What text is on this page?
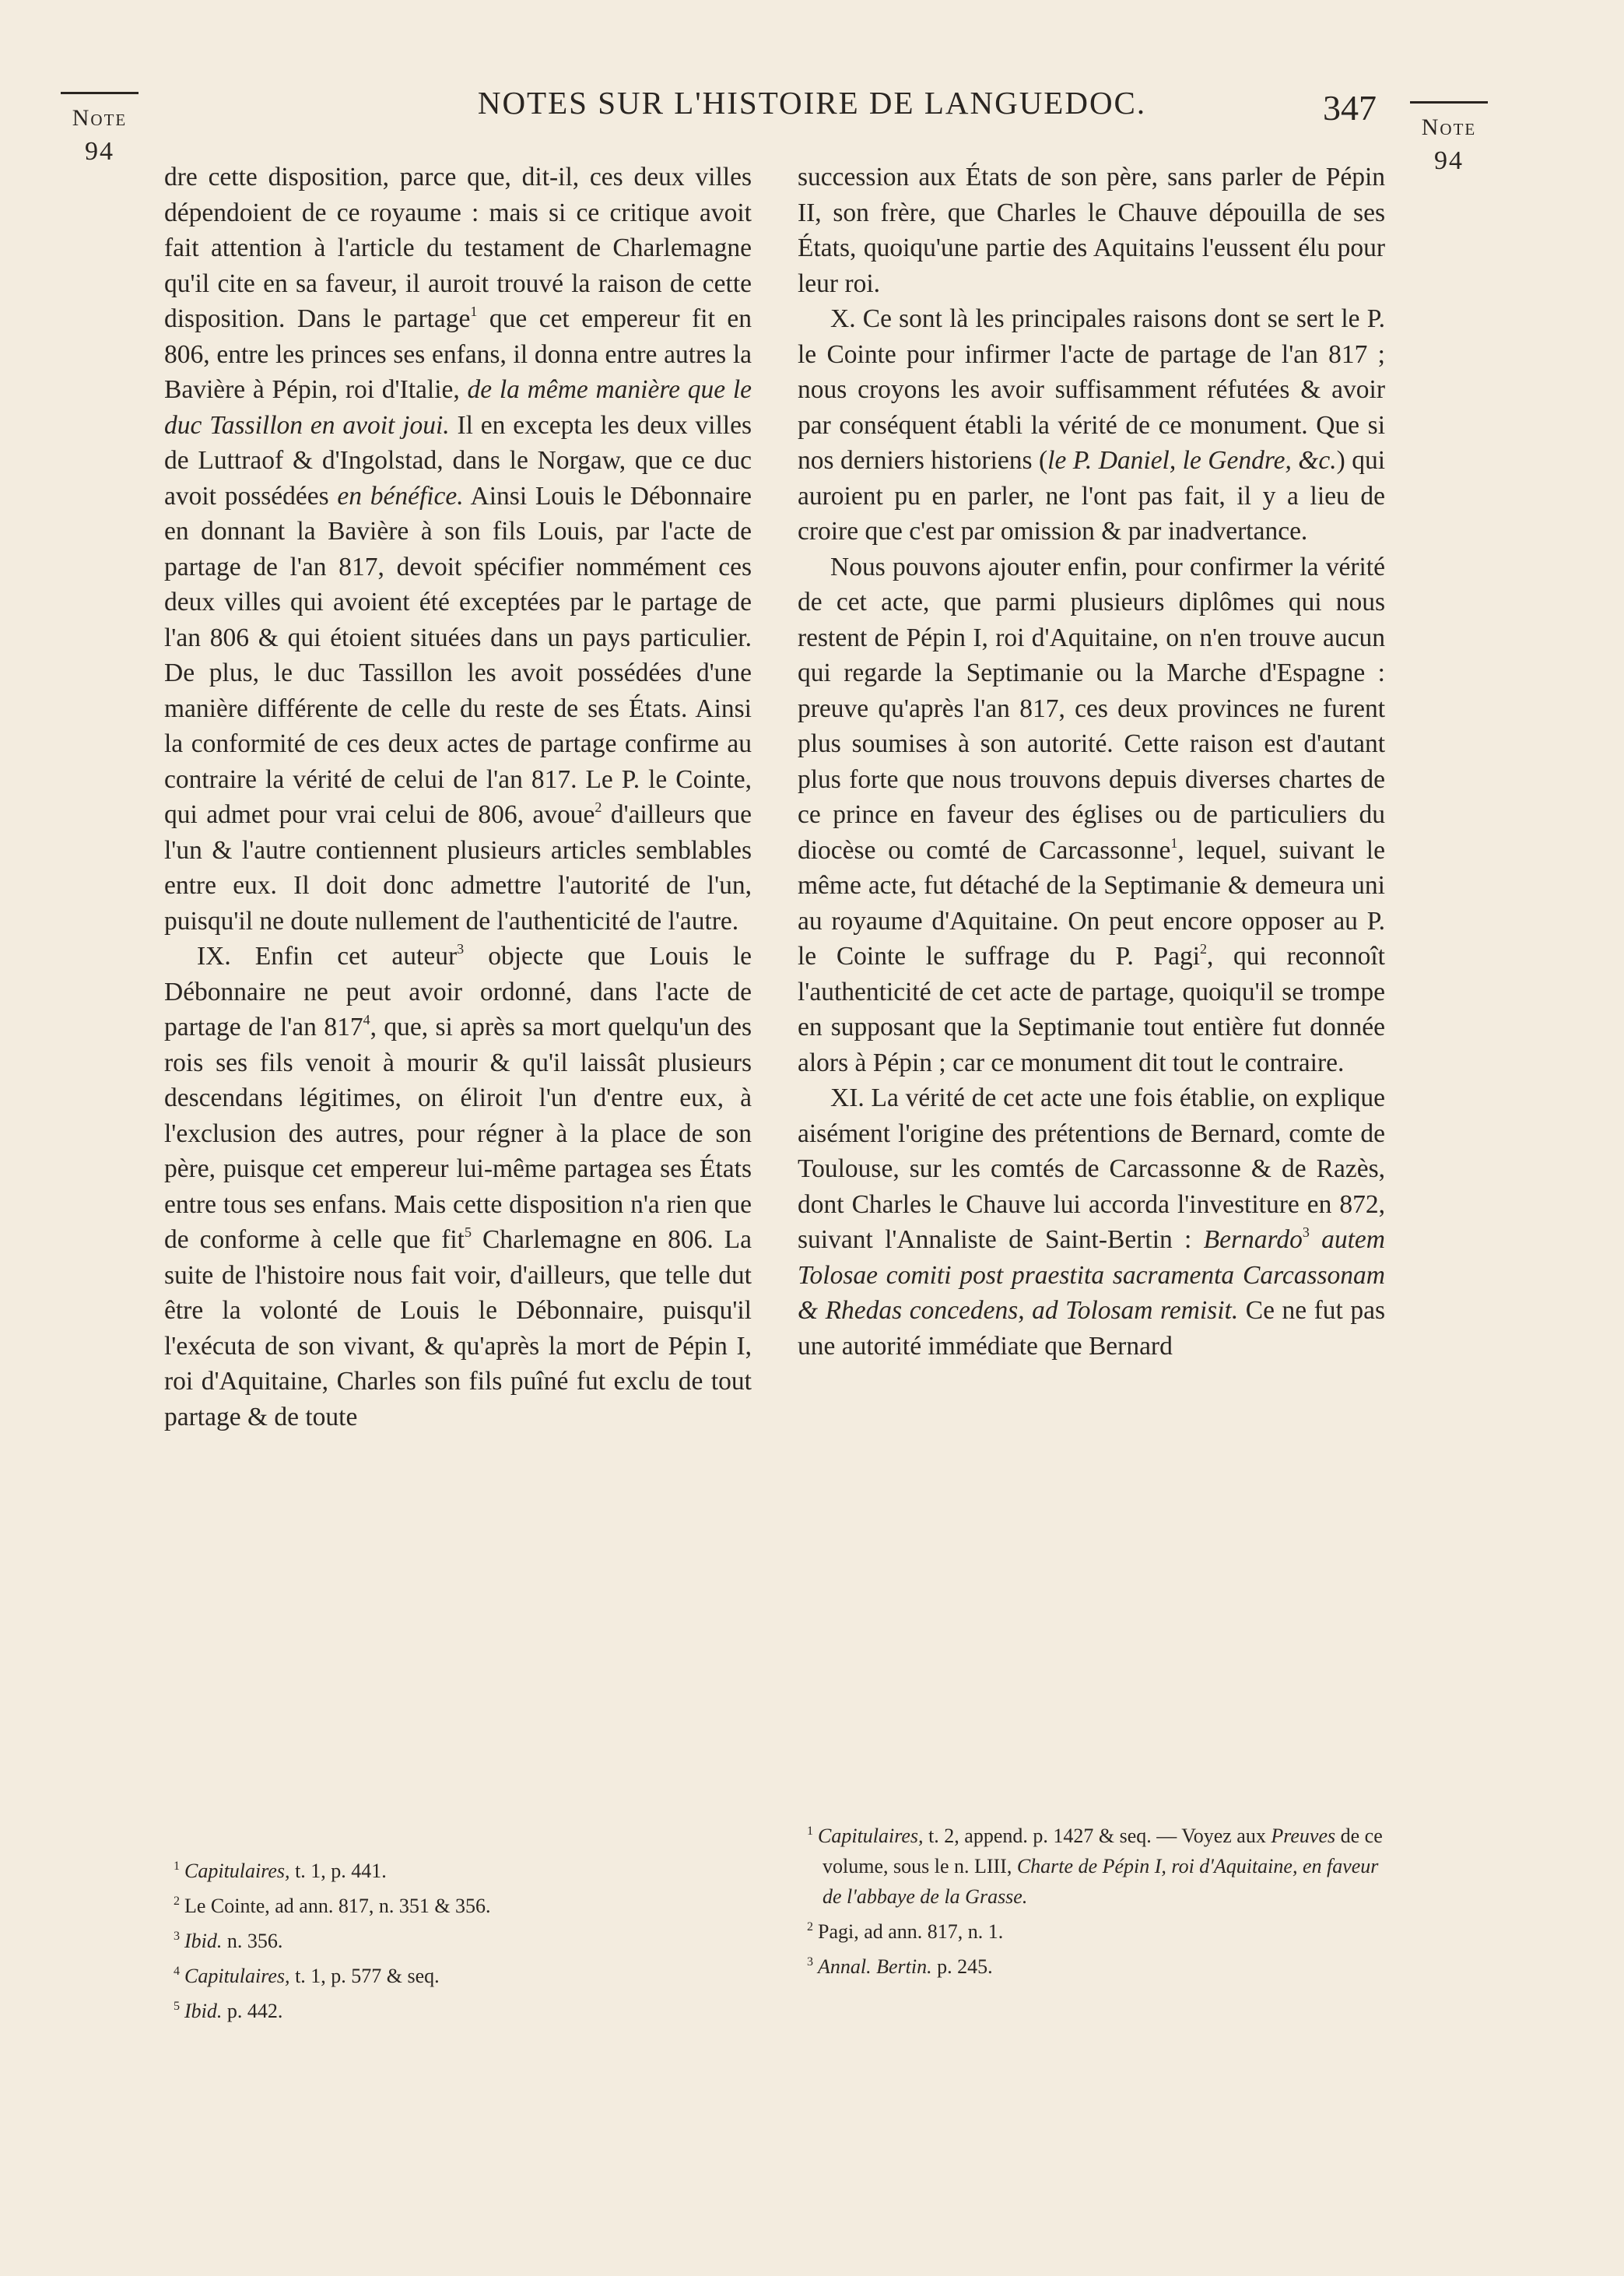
Note
94
NOTES SUR L'HISTOIRE DE LANGUEDOC.	347	Note
94

dre cette disposition, parce que, dit-il, ces deux villes dépendoient de ce royaume : mais si ce critique avoit fait attention à l'article du testament de Charlemagne qu'il cite en sa faveur, il auroit trouvé la raison de cette disposition. Dans le partage$^1$ que cet empereur fit en 806, entre les princes ses enfans, il donna entre autres la Bavière à Pépin, roi d'Italie, de la même manière que le duc Tassillon en avoit joui. Il en excepta les deux villes de Luttraof & d'Ingolstad, dans le Norgaw, que ce duc avoit possédées en bénéfice. Ainsi Louis le Débonnaire en donnant la Bavière à son fils Louis, par l'acte de partage de l'an 817, devoit spécifier nommément ces deux villes qui avoient été exceptées par le partage de l'an 806 & qui étoient situées dans un pays particulier. De plus, le duc Tassillon les avoit possédées d'une manière différente de celle du reste de ses États. Ainsi la conformité de ces deux actes de partage confirme au contraire la vérité de celui de l'an 817. Le P. le Cointe, qui admet pour vrai celui de 806, avoue$^2$ d'ailleurs que l'un & l'autre contiennent plusieurs articles semblables entre eux. Il doit donc admettre l'autorité de l'un, puisqu'il ne doute nullement de l'authenticité de l'autre.

IX. Enfin cet auteur$^3$ objecte que Louis le Débonnaire ne peut avoir ordonné, dans l'acte de partage de l'an $817^4$, que, si après sa mort quelqu'un des rois ses fils venoit à mourir & qu'il laissât plusieurs descendans légitimes, on éliroit l'un d'entre eux, à l'exclusion des autres, pour régner à la place de son père, puisque cet empereur lui-même partagea ses États entre tous ses enfans. Mais cette disposition n'a rien que de conforme à celle que fit$^5$ Charlemagne en 806. La suite de l'histoire nous fait voir, d'ailleurs, que telle dut être la volonté de Louis le Débonnaire, puisqu'il l'exécuta de son vivant, & qu'après la mort de Pépin I, roi d'Aquitaine, Charles son fils puîné fut exclu de tout partage & de toute

succession aux États de son père, sans parler de Pépin II, son frère, que Charles le Chauve dépouilla de ses États, quoiqu'une partie des Aquitains l'eussent élu pour leur roi.

X. Ce sont là les principales raisons dont se sert le P. le Cointe pour infirmer l'acte de partage de l'an 817 ; nous croyons les avoir suffisamment réfutées & avoir par conséquent établi la vérité de ce monument. Que si nos derniers historiens (le P. Daniel, le Gendre, &c.) qui auroient pu en parler, ne l'ont pas fait, il y a lieu de croire que c'est par omission & par inadvertance.

Nous pouvons ajouter enfin, pour confirmer la vérité de cet acte, que parmi plusieurs diplômes qui nous restent de Pépin I, roi d'Aquitaine, on n'en trouve aucun qui regarde la Septimanie ou la Marche d'Espagne : preuve qu'après l'an 817, ces deux provinces ne furent plus soumises à son autorité. Cette raison est d'autant plus forte que nous trouvons depuis diverses chartes de ce prince en faveur des églises ou de particuliers du diocèse ou comté de Carcassonne$^1$, lequel, suivant le même acte, fut détaché de la Septimanie & demeura uni au royaume d'Aquitaine. On peut encore opposer au P. le Cointe le suffrage du P. Pagi$^2$, qui reconnoît l'authenticité de cet acte de partage, quoiqu'il se trompe en supposant que la Septimanie tout entière fut donnée alors à Pépin ; car ce monument dit tout le contraire.

XI. La vérité de cet acte une fois établie, on explique aisément l'origine des prétentions de Bernard, comte de Toulouse, sur les comtés de Carcassonne & de Razès, dont Charles le Chauve lui accorda l'investiture en 872, suivant l'Annaliste de Saint-Bertin : Bernardo$^3$ autem Tolosae comiti post praestita sacramenta Carcassonam & Rhedas concedens, ad Tolosam remisit. Ce ne fut pas une autorité immédiate que Bernard

$^1$ Capitulaires, t. 1, p. 441.

$^2$ Le Cointe, ad ann. 817, n. 351 & 356.

$^3$ Ibid. n. 356.

$^4$ Capitulaires, t. 1, p. 577 & seq.

$^5$ Ibid. p. 442.

$^1$ Capitulaires, t. 2, append. p. 1427 & seq. — Voyez aux Preuves de ce volume, sous le n. LIII, Charte de Pépin I, roi d'Aquitaine, en faveur de l'abbaye de la Grasse.

$^2$ Pagi, ad ann. 817, n. 1.

$^3$ Annal. Bertin. p. 245.
